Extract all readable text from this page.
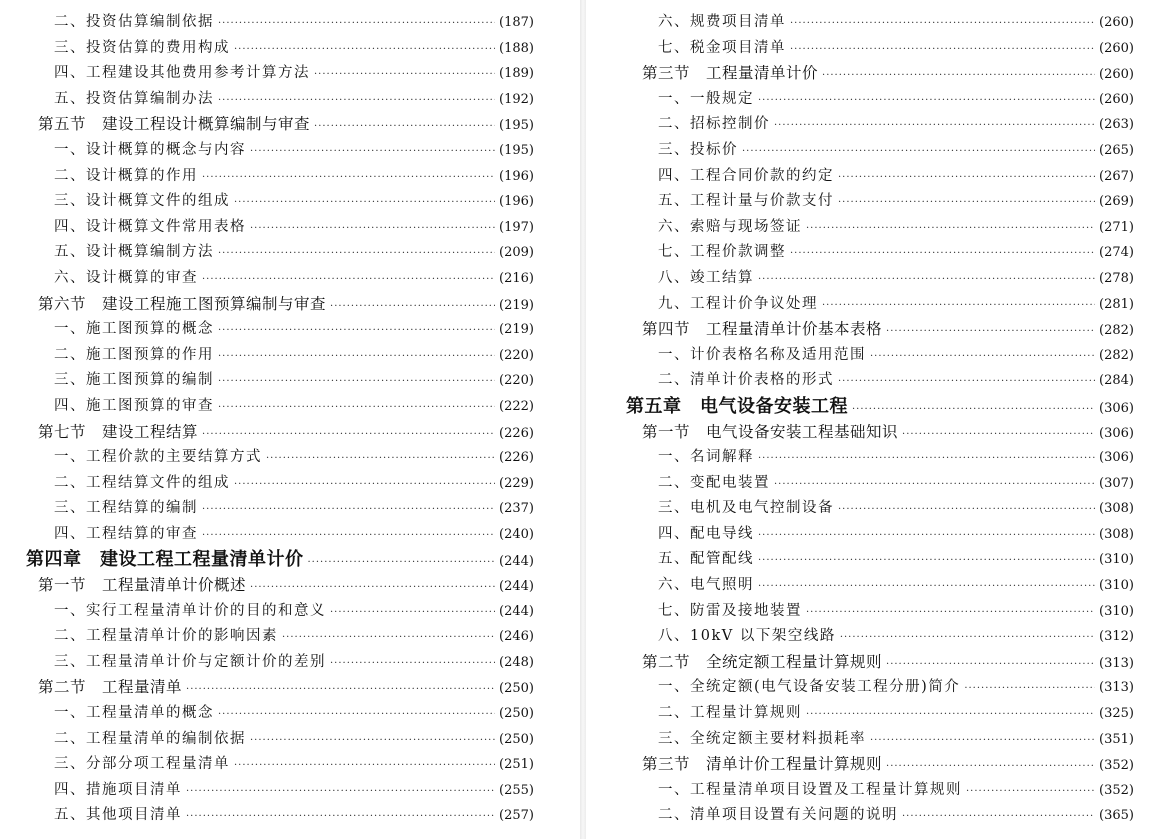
二、投资估算编制依据 ·····	(187)
三、投资估算的费用构成 ·····	(188)
四、工程建设其他费用参考计算方法 ·····	(189)
五、投资估算编制办法 ·····	(192)
第五节　建设工程设计概算编制与审查 ·····	(195)
一、设计概算的概念与内容 ·····	(195)
二、设计概算的作用 ·····	(196)
三、设计概算文件的组成 ·····	(196)
四、设计概算文件常用表格 ·····	(197)
五、设计概算编制方法 ·····	(209)
六、设计概算的审查 ·····	(216)
第六节　建设工程施工图预算编制与审查 ·····	(219)
一、施工图预算的概念 ·····	(219)
二、施工图预算的作用 ·····	(220)
三、施工图预算的编制 ·····	(220)
四、施工图预算的审查 ·····	(222)
第七节　建设工程结算 ·····	(226)
一、工程价款的主要结算方式 ·····	(226)
二、工程结算文件的组成 ·····	(229)
三、工程结算的编制 ·····	(237)
四、工程结算的审查 ·····	(240)
第四章　建设工程工程量清单计价 ·····	(244)
第一节　工程量清单计价概述 ·····	(244)
一、实行工程量清单计价的目的和意义 ·····	(244)
二、工程量清单计价的影响因素 ·····	(246)
三、工程量清单计价与定额计价的差别 ·····	(248)
第二节　工程量清单 ·····	(250)
一、工程量清单的概念 ·····	(250)
二、工程量清单的编制依据 ·····	(250)
三、分部分项工程量清单 ·····	(251)
四、措施项目清单 ·····	(255)
五、其他项目清单 ·····	(257)
六、规费项目清单 ·····	(260)
七、税金项目清单 ·····	(260)
第三节　工程量清单计价 ·····	(260)
一、一般规定 ·····	(260)
二、招标控制价 ·····	(263)
三、投标价 ·····	(265)
四、工程合同价款的约定 ·····	(267)
五、工程计量与价款支付 ·····	(269)
六、索赔与现场签证 ·····	(271)
七、工程价款调整 ·····	(274)
八、竣工结算 ·····	(278)
九、工程计价争议处理 ·····	(281)
第四节　工程量清单计价基本表格 ·····	(282)
一、计价表格名称及适用范围 ·····	(282)
二、清单计价表格的形式 ·····	(284)
第五章　电气设备安装工程 ·····	(306)
第一节　电气设备安装工程基础知识 ·····	(306)
一、名词解释 ·····	(306)
二、变配电装置 ·····	(307)
三、电机及电气控制设备 ·····	(308)
四、配电导线 ·····	(308)
五、配管配线 ·····	(310)
六、电气照明 ·····	(310)
七、防雷及接地装置 ·····	(310)
八、10kV 以下架空线路 ·····	(312)
第二节　全统定额工程量计算规则 ·····	(313)
一、全统定额(电气设备安装工程分册)简介 ·····	(313)
二、工程量计算规则 ·····	(325)
三、全统定额主要材料损耗率 ·····	(351)
第三节　清单计价工程量计算规则 ·····	(352)
一、工程量清单项目设置及工程量计算规则 ·····	(352)
二、清单项目设置有关问题的说明 ·····	(365)
